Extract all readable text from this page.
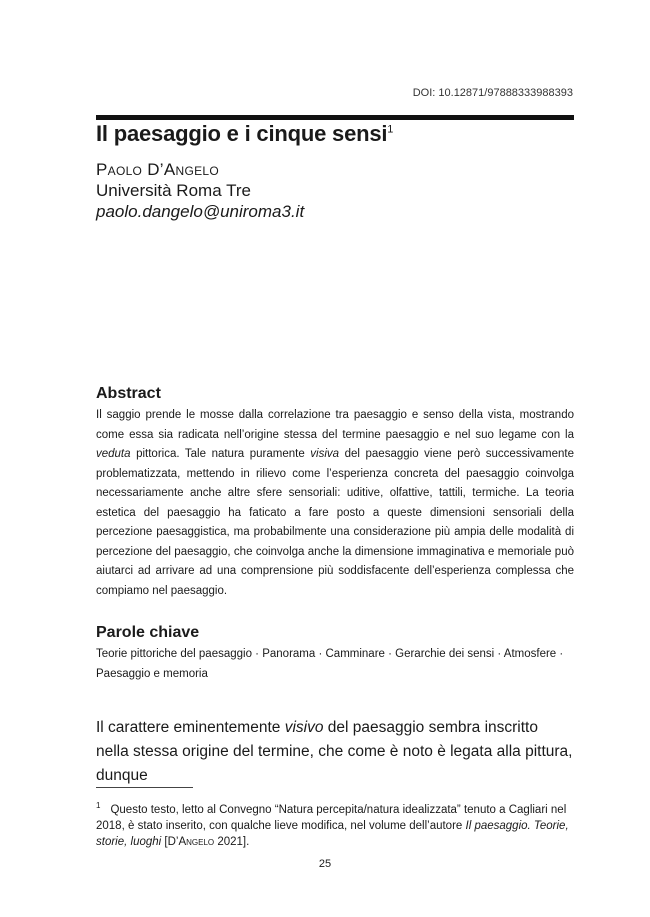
DOI: 10.12871/97888333988393
Il paesaggio e i cinque sensi$^1$
Paolo D’Angelo
Università Roma Tre
paolo.dangelo@uniroma3.it
Abstract

Il saggio prende le mosse dalla correlazione tra paesaggio e senso della vista, mostrando come essa sia radicata nell’origine stessa del termine paesaggio e nel suo legame con la veduta pittorica. Tale natura puramente visiva del paesaggio viene però successivamente problematizzata, mettendo in rilievo come l’esperienza concreta del paesaggio coinvolga necessariamente anche altre sfere sensoriali: uditive, olfattive, tattili, termiche. La teoria estetica del paesaggio ha faticato a fare posto a queste dimensioni sensoriali della percezione paesaggistica, ma probabilmente una considerazione più ampia delle modalità di percezione del paesaggio, che coinvolga anche la dimensione immaginativa e memoriale può aiutarci ad arrivare ad una comprensione più soddisfacente dell’esperienza complessa che compiamo nel paesaggio.

Parole chiave

Teorie pittoriche del paesaggio · Panorama · Camminare · Gerarchie dei sensi · Atmosfere · Paesaggio e memoria

Il carattere eminentemente visivo del paesaggio sembra inscritto nella stessa origine del termine, che come è noto è legata alla pittura, dunque

$^1$ Questo testo, letto al Convegno “Natura percepita/natura idealizzata” tenuto a Cagliari nel 2018, è stato inserito, con qualche lieve modifica, nel volume dell’autore Il paesaggio. Teorie, storie, luoghi [D’Angelo 2021].

25
